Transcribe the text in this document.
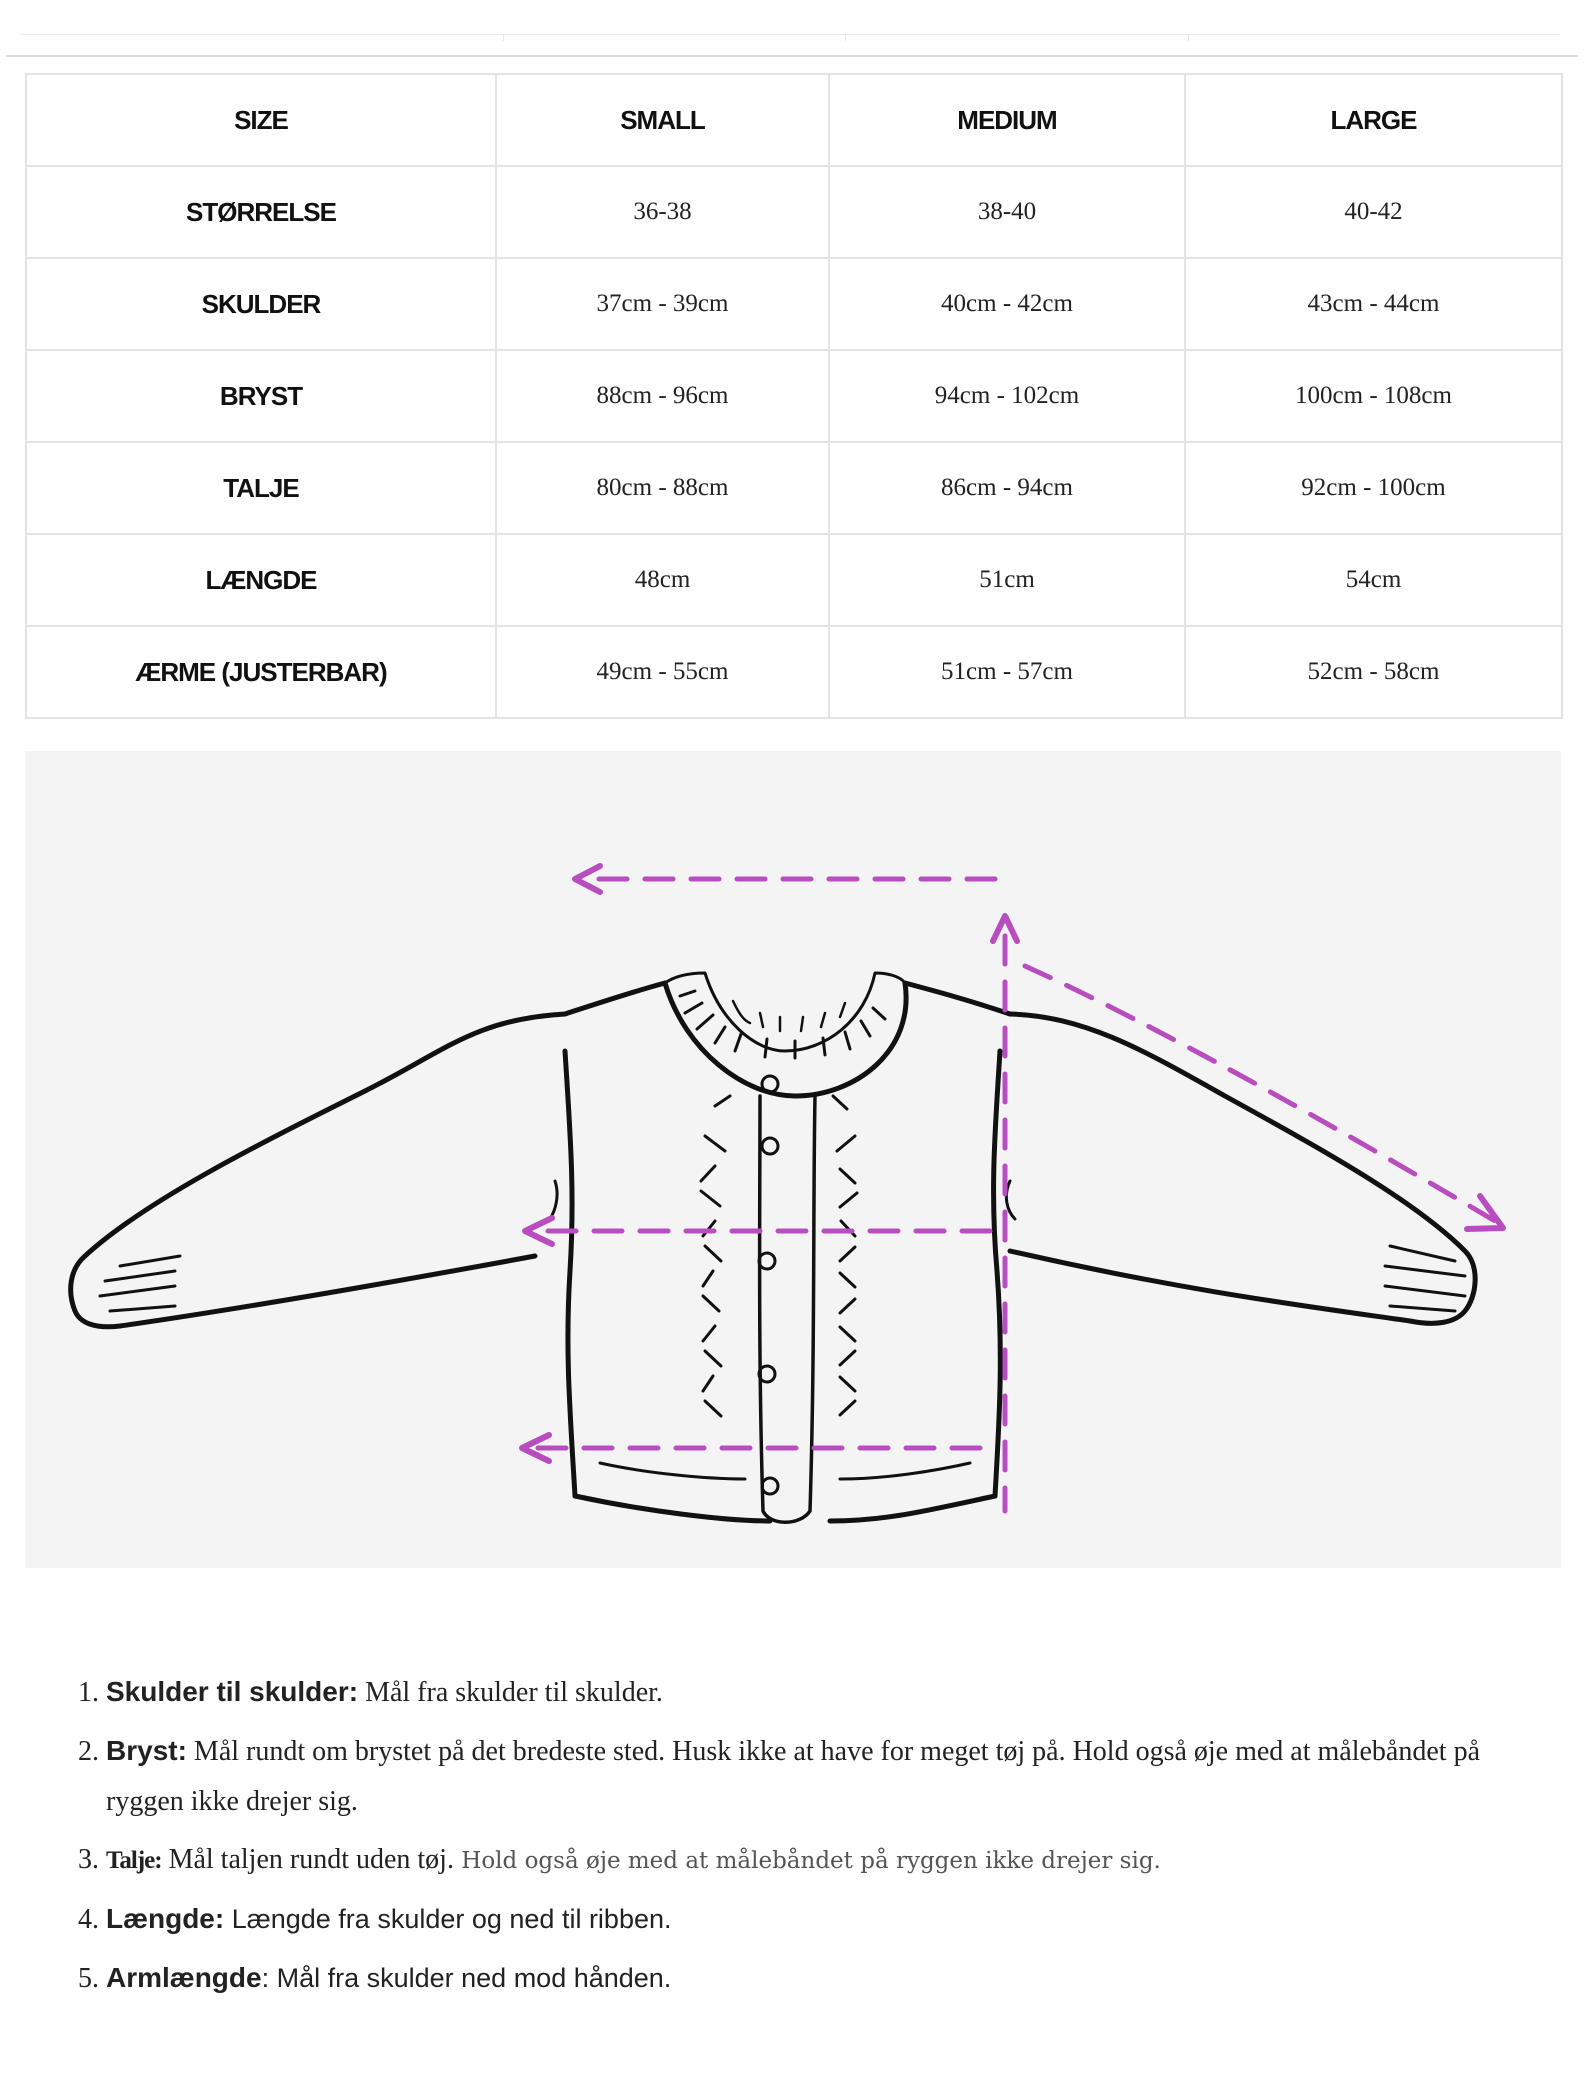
SIZE	SMALL	MEDIUM	LARGE
STØRRELSE	36-38	38-40	40-42
SKULDER	37cm - 39cm	40cm - 42cm	43cm - 44cm
BRYST	88cm - 96cm	94cm - 102cm	100cm - 108cm
TALJE	80cm - 88cm	86cm - 94cm	92cm - 100cm
LÆNGDE	48cm	51cm	54cm
ÆRME (JUSTERBAR)	49cm - 55cm	51cm - 57cm	52cm - 58cm
1. Skulder til skulder: Mål fra skulder til skulder.
2. Bryst: Mål rundt om brystet på det bredeste sted. Husk ikke at have for meget tøj på. Hold også øje med at målebåndet på ryggen ikke drejer sig.
3. Talje: Mål taljen rundt uden tøj. Hold også øje med at målebåndet på ryggen ikke drejer sig.
4. Længde: Længde fra skulder og ned til ribben.
5. Armlængde: Mål fra skulder ned mod hånden.
